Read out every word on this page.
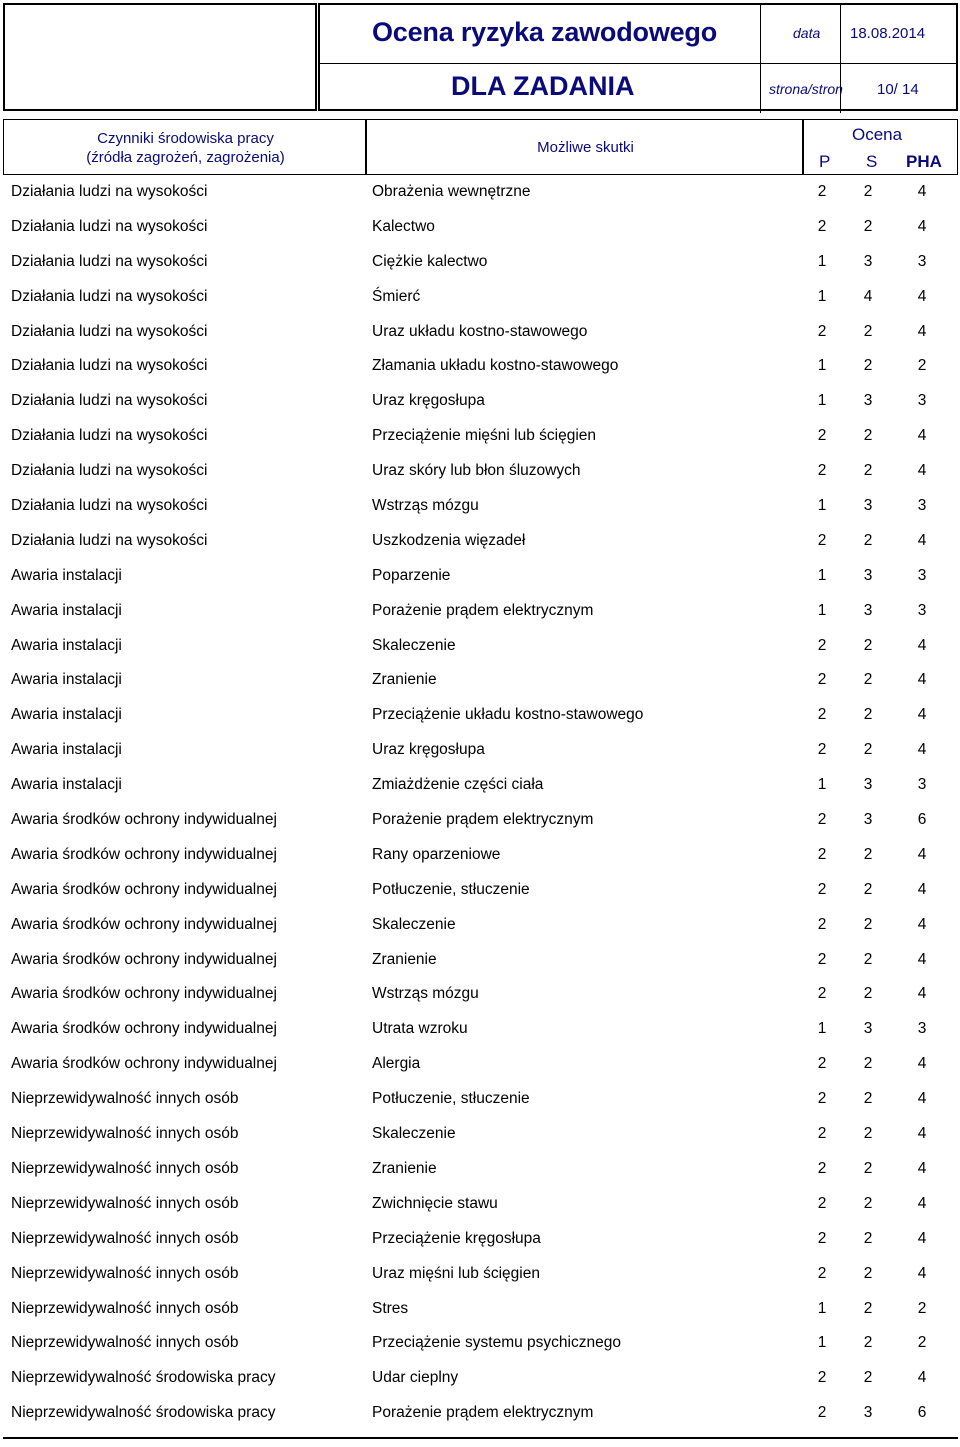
Ocena ryzyka zawodowego
DLA ZADANIA
data 18.08.2014
strona/stron 10/ 14
Czynniki środowiska pracy
(źródła zagrożeń, zagrożenia)
Możliwe skutki
Ocena
P S PHA
Działania ludzi na wysokości	Obrażenia wewnętrzne	2 2	4
Działania ludzi na wysokości	Kalectwo	2 2	4
Działania ludzi na wysokości	Ciężkie kalectwo	1 3	3
Działania ludzi na wysokości	Śmierć	1 4	4
Działania ludzi na wysokości	Uraz układu kostno-stawowego	2 2	4
Działania ludzi na wysokości	Złamania układu kostno-stawowego	1 2	2
Działania ludzi na wysokości	Uraz kręgosłupa	1 3	3
Działania ludzi na wysokości	Przeciążenie mięśni lub ścięgien	2 2	4
Działania ludzi na wysokości	Uraz skóry lub błon śluzowych	2 2	4
Działania ludzi na wysokości	Wstrząs mózgu	1 3	3
Działania ludzi na wysokości	Uszkodzenia więzadeł	2 2	4
Awaria instalacji	Poparzenie	1 3	3
Awaria instalacji	Porażenie prądem elektrycznym	1 3	3
Awaria instalacji	Skaleczenie	2 2	4
Awaria instalacji	Zranienie	2 2	4
Awaria instalacji	Przeciążenie układu kostno-stawowego	2 2	4
Awaria instalacji	Uraz kręgosłupa	2 2	4
Awaria instalacji	Zmiażdżenie części ciała	1 3	3
Awaria środków ochrony indywidualnej	Porażenie prądem elektrycznym	2 3	6
Awaria środków ochrony indywidualnej	Rany oparzeniowe	2 2	4
Awaria środków ochrony indywidualnej	Potłuczenie, stłuczenie	2 2	4
Awaria środków ochrony indywidualnej	Skaleczenie	2 2	4
Awaria środków ochrony indywidualnej	Zranienie	2 2	4
Awaria środków ochrony indywidualnej	Wstrząs mózgu	2 2	4
Awaria środków ochrony indywidualnej	Utrata wzroku	1 3	3
Awaria środków ochrony indywidualnej	Alergia	2 2	4
Nieprzewidywalność innych osób	Potłuczenie, stłuczenie	2 2	4
Nieprzewidywalność innych osób	Skaleczenie	2 2	4
Nieprzewidywalność innych osób	Zranienie	2 2	4
Nieprzewidywalność innych osób	Zwichnięcie stawu	2 2	4
Nieprzewidywalność innych osób	Przeciążenie kręgosłupa	2 2	4
Nieprzewidywalność innych osób	Uraz mięśni lub ścięgien	2 2	4
Nieprzewidywalność innych osób	Stres	1 2	2
Nieprzewidywalność innych osób	Przeciążenie systemu psychicznego	1 2	2
Nieprzewidywalność środowiska pracy	Udar cieplny	2 2	4
Nieprzewidywalność środowiska pracy	Porażenie prądem elektrycznym	2 3	6
